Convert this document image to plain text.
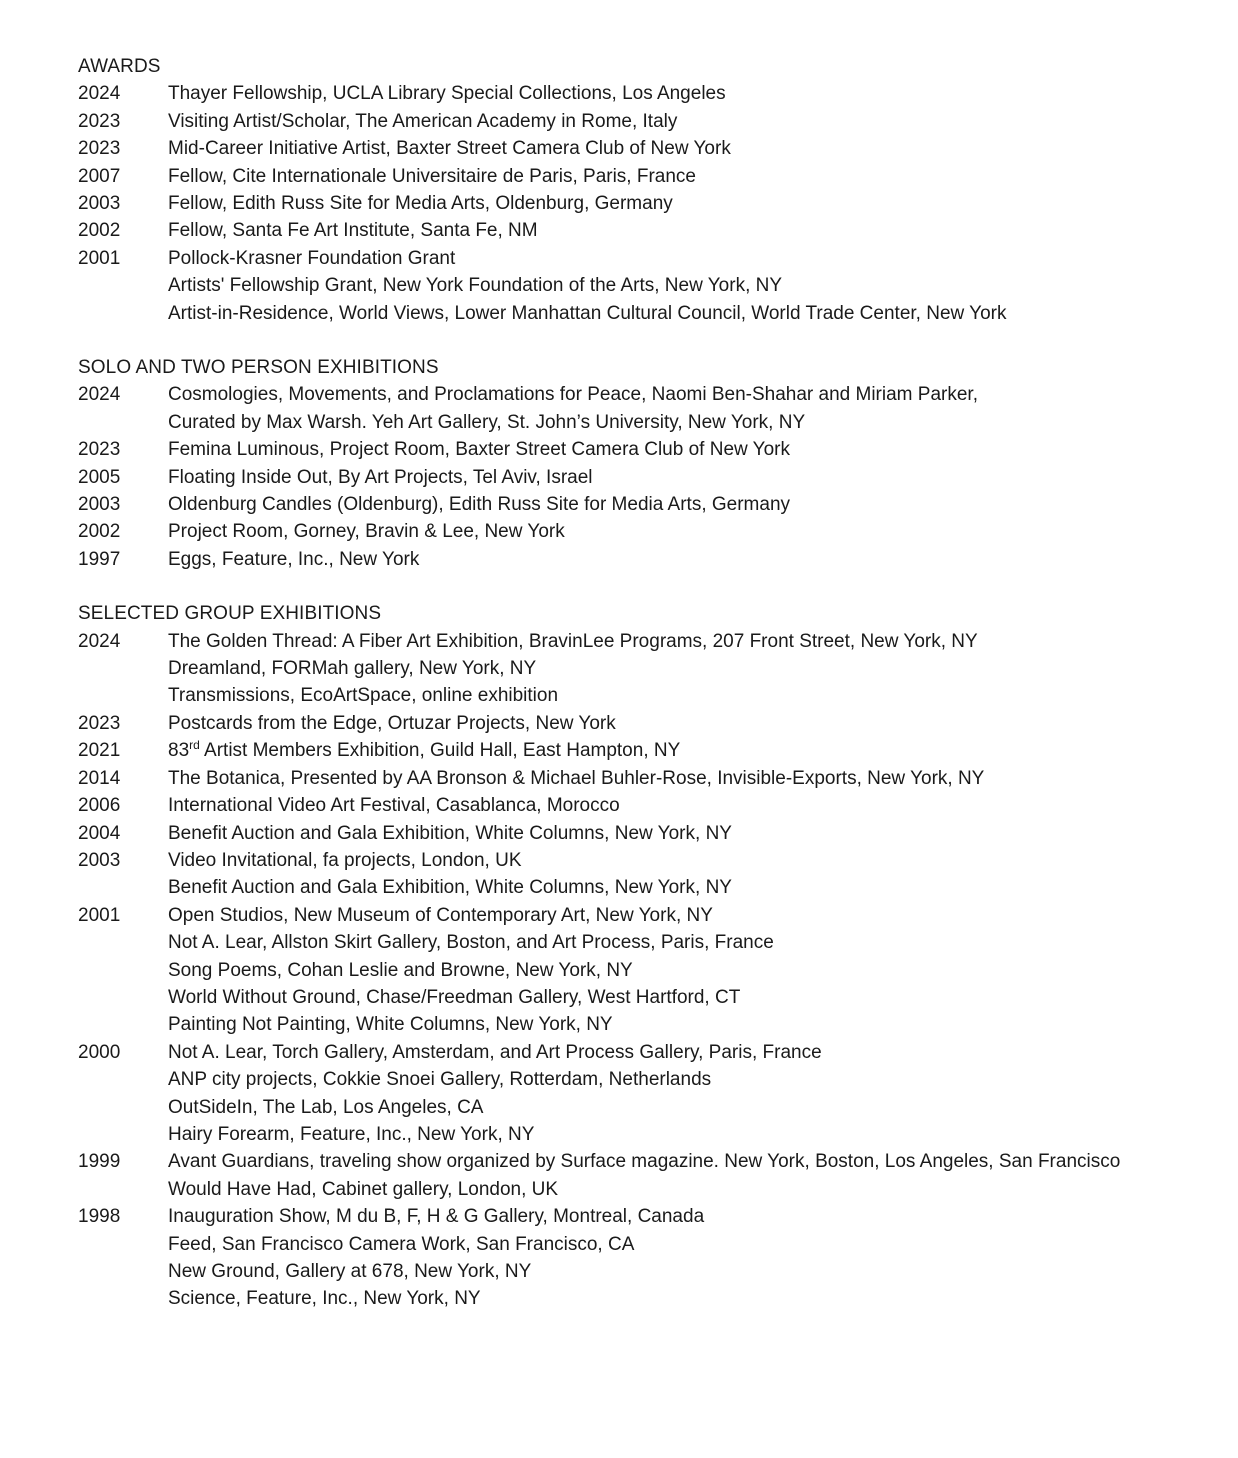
AWARDS
2024	Thayer Fellowship, UCLA Library Special Collections, Los Angeles
2023	Visiting Artist/Scholar, The American Academy in Rome, Italy
2023	Mid-Career Initiative Artist, Baxter Street Camera Club of New York
2007	Fellow, Cite Internationale Universitaire de Paris, Paris, France
2003	Fellow, Edith Russ Site for Media Arts, Oldenburg, Germany
2002	Fellow, Santa Fe Art Institute, Santa Fe, NM
2001	Pollock-Krasner Foundation Grant
Artists' Fellowship Grant, New York Foundation of the Arts, New York, NY
Artist-in-Residence, World Views, Lower Manhattan Cultural Council, World Trade Center, New York
SOLO AND TWO PERSON EXHIBITIONS
2024	Cosmologies, Movements, and Proclamations for Peace, Naomi Ben-Shahar and Miriam Parker,
Curated by Max Warsh. Yeh Art Gallery, St. John’s University, New York, NY
2023	Femina Luminous, Project Room, Baxter Street Camera Club of New York
2005	Floating Inside Out, By Art Projects, Tel Aviv, Israel
2003	Oldenburg Candles (Oldenburg), Edith Russ Site for Media Arts, Germany
2002	Project Room, Gorney, Bravin & Lee, New York
1997	Eggs, Feature, Inc., New York
SELECTED GROUP EXHIBITIONS
2024	The Golden Thread: A Fiber Art Exhibition, BravinLee Programs, 207 Front Street, New York, NY
Dreamland, FORMah gallery, New York, NY
Transmissions, EcoArtSpace, online exhibition
2023	Postcards from the Edge, Ortuzar Projects, New York
2021	83rd Artist Members Exhibition, Guild Hall, East Hampton, NY
2014	The Botanica, Presented by AA Bronson & Michael Buhler-Rose, Invisible-Exports, New York, NY
2006	International Video Art Festival, Casablanca, Morocco
2004	Benefit Auction and Gala Exhibition, White Columns, New York, NY
2003	Video Invitational, fa projects, London, UK
Benefit Auction and Gala Exhibition, White Columns, New York, NY
2001	Open Studios, New Museum of Contemporary Art, New York, NY
Not A. Lear, Allston Skirt Gallery, Boston, and Art Process, Paris, France
Song Poems, Cohan Leslie and Browne, New York, NY
World Without Ground, Chase/Freedman Gallery, West Hartford, CT
Painting Not Painting, White Columns, New York, NY
2000	Not A. Lear, Torch Gallery, Amsterdam, and Art Process Gallery, Paris, France
ANP city projects, Cokkie Snoei Gallery, Rotterdam, Netherlands
OutSideIn, The Lab, Los Angeles, CA
Hairy Forearm, Feature, Inc., New York, NY
1999	Avant Guardians, traveling show organized by Surface magazine. New York, Boston, Los Angeles, San Francisco
Would Have Had, Cabinet gallery, London, UK
1998	Inauguration Show, M du B, F, H & G Gallery, Montreal, Canada
Feed, San Francisco Camera Work, San Francisco, CA
New Ground, Gallery at 678, New York, NY
Science, Feature, Inc., New York, NY
